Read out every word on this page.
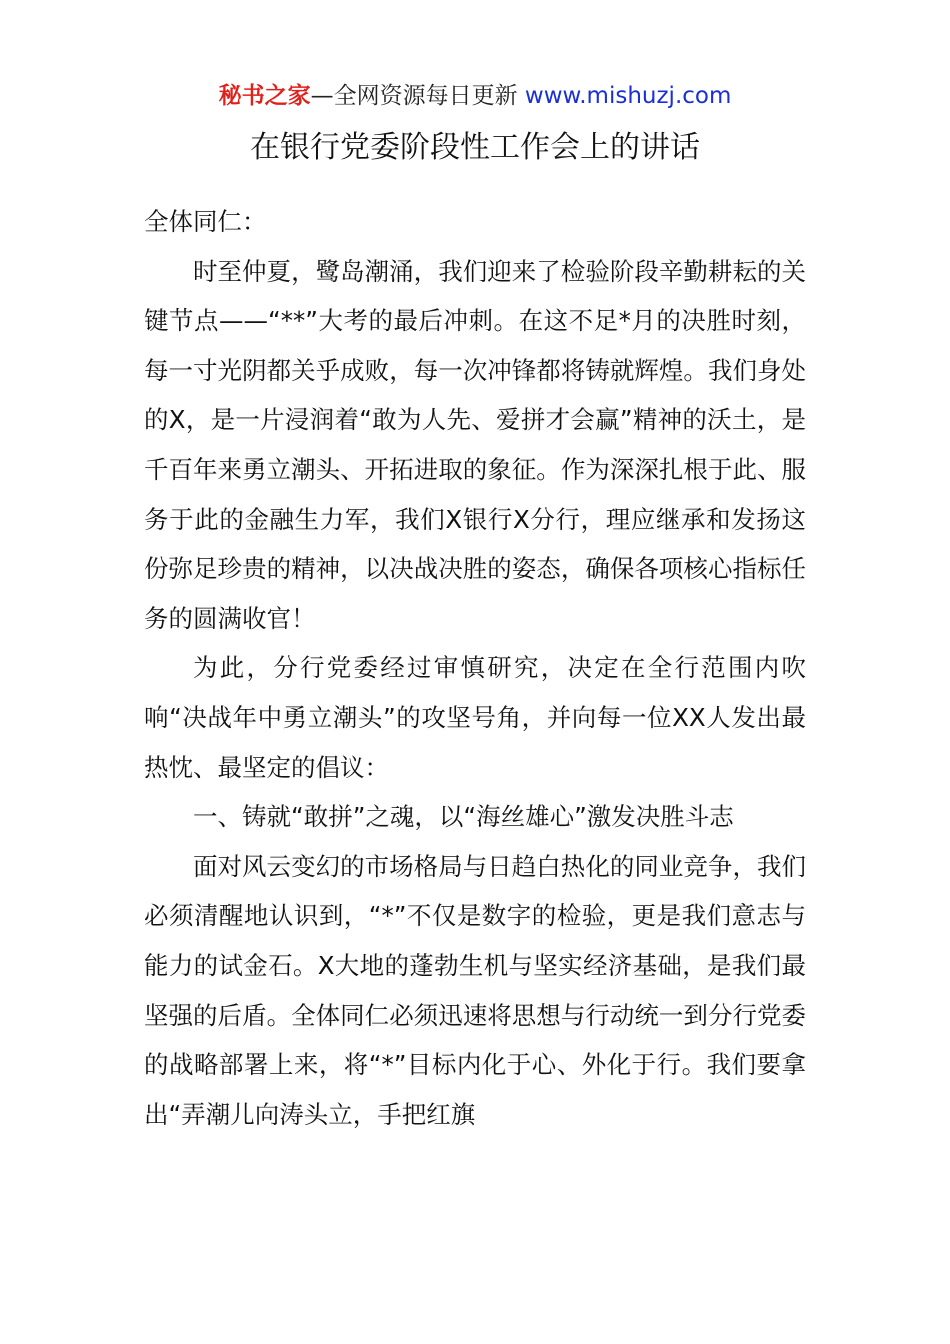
秘书之家—全网资源每日更新 www.mishuzj.com
在银行党委阶段性工作会上的讲话

全体同仁：

时至仲夏，鹭岛潮涌，我们迎来了检验阶段辛勤耕耘的关键节点——“**”大考的最后冲刺。在这不足*月的决胜时刻，每一寸光阴都关乎成败，每一次冲锋都将铸就辉煌。我们身处的X，是一片浸润着“敢为人先、爱拼才会赢”精神的沃土，是千百年来勇立潮头、开拓进取的象征。作为深深扎根于此、服务于此的金融生力军，我们X银行X分行，理应继承和发扬这份弥足珍贵的精神，以决战决胜的姿态，确保各项核心指标任务的圆满收官！

为此，分行党委经过审慎研究，决定在全行范围内吹响“决战年中勇立潮头”的攻坚号角，并向每一位XX人发出最热忱、最坚定的倡议：

一、铸就“敢拼”之魂，以“海丝雄心”激发决胜斗志

面对风云变幻的市场格局与日趋白热化的同业竞争，我们必须清醒地认识到，“*”不仅是数字的检验，更是我们意志与能力的试金石。X大地的蓬勃生机与坚实经济基础，是我们最坚强的后盾。全体同仁必须迅速将思想与行动统一到分行党委的战略部署上来，将“*”目标内化于心、外化于行。我们要拿出“弄潮儿向涛头立，手把红旗
